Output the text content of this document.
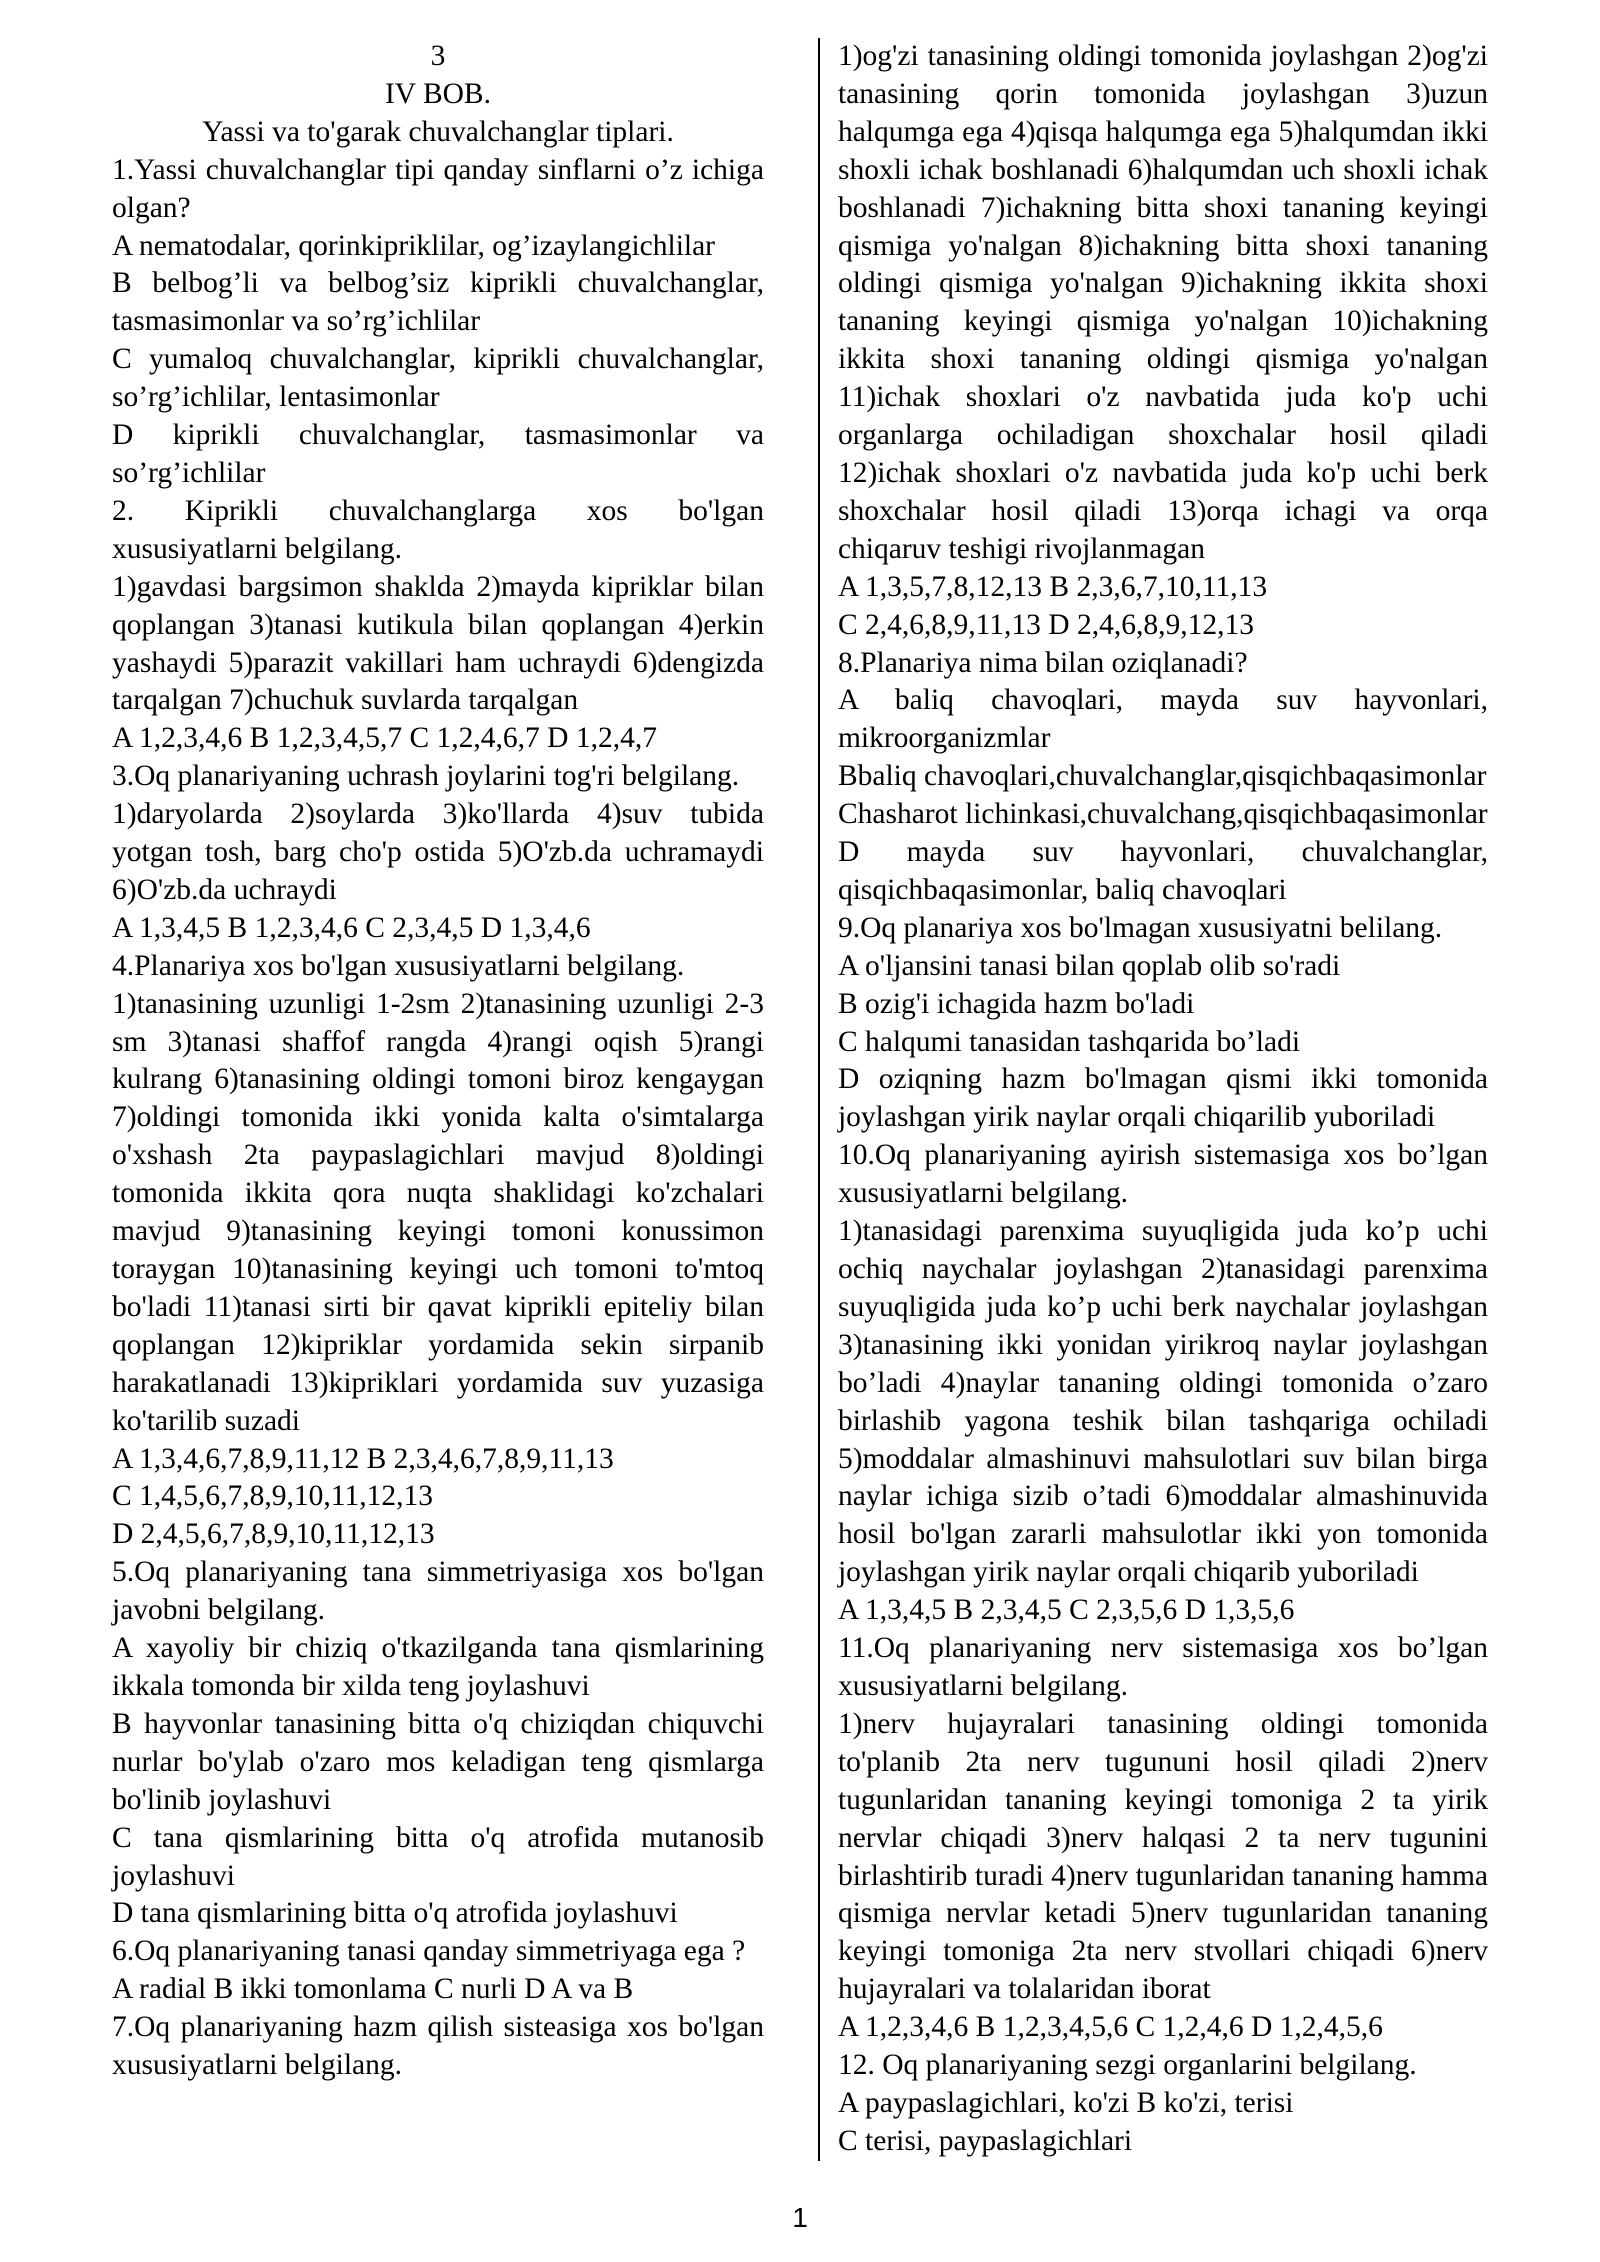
3
IV BOB.
Yassi va to'garak chuvalchanglar tiplari.

1.Yassi chuvalchanglar tipi qanday sinflarni o’z ichiga olgan?

A nematodalar, qorinkipriklilar, og’izaylangichlilar

B belbog’li va belbog’siz kiprikli chuvalchanglar, tasmasimonlar va so’rg’ichlilar

C yumaloq chuvalchanglar, kiprikli chuvalchanglar, so’rg’ichlilar, lentasimonlar

D kiprikli chuvalchanglar, tasmasimonlar va so’rg’ichlilar

2. Kiprikli chuvalchanglarga xos bo'lgan xususiyatlarni belgilang.

1)gavdasi bargsimon shaklda 2)mayda kipriklar bilan qoplangan 3)tanasi kutikula bilan qoplangan 4)erkin yashaydi 5)parazit vakillari ham uchraydi 6)dengizda tarqalgan 7)chuchuk suvlarda tarqalgan

A 1,2,3,4,6 B 1,2,3,4,5,7 C 1,2,4,6,7 D 1,2,4,7

3.Oq planariyaning uchrash joylarini tog'ri belgilang.

1)daryolarda 2)soylarda 3)ko'llarda 4)suv tubida yotgan tosh, barg cho'p ostida 5)O'zb.da uchramaydi 6)O'zb.da uchraydi

A 1,3,4,5 B 1,2,3,4,6 C 2,3,4,5 D 1,3,4,6

4.Planariya xos bo'lgan xususiyatlarni belgilang.

1)tanasining uzunligi 1-2sm 2)tanasining uzunligi 2-3 sm 3)tanasi shaffof rangda 4)rangi oqish 5)rangi kulrang 6)tanasining oldingi tomoni biroz kengaygan 7)oldingi tomonida ikki yonida kalta o'simtalarga o'xshash 2ta paypaslagichlari mavjud 8)oldingi tomonida ikkita qora nuqta shaklidagi ko'zchalari mavjud 9)tanasining keyingi tomoni konussimon toraygan 10)tanasining keyingi uch tomoni to'mtoq bo'ladi 11)tanasi sirti bir qavat kiprikli epiteliy bilan qoplangan 12)kipriklar yordamida sekin sirpanib harakatlanadi 13)kipriklari yordamida suv yuzasiga ko'tarilib suzadi

A 1,3,4,6,7,8,9,11,12 B 2,3,4,6,7,8,9,11,13

C 1,4,5,6,7,8,9,10,11,12,13

D 2,4,5,6,7,8,9,10,11,12,13

5.Oq planariyaning tana simmetriyasiga xos bo'lgan javobni belgilang.

A xayoliy bir chiziq o'tkazilganda tana qismlarining ikkala tomonda bir xilda teng joylashuvi

B hayvonlar tanasining bitta o'q chiziqdan chiquvchi nurlar bo'ylab o'zaro mos keladigan teng qismlarga bo'linib joylashuvi

C tana qismlarining bitta o'q atrofida mutanosib joylashuvi

D tana qismlarining bitta o'q atrofida joylashuvi

6.Oq planariyaning tanasi qanday simmetriyaga ega ?

A radial B ikki tomonlama C nurli D A va B

7.Oq planariyaning hazm qilish sisteasiga xos bo'lgan xususiyatlarni belgilang.

1)og'zi tanasining oldingi tomonida joylashgan 2)og'zi tanasining qorin tomonida joylashgan 3)uzun halqumga ega 4)qisqa halqumga ega 5)halqumdan ikki shoxli ichak boshlanadi 6)halqumdan uch shoxli ichak boshlanadi 7)ichakning bitta shoxi tananing keyingi qismiga yo'nalgan 8)ichakning bitta shoxi tananing oldingi qismiga yo'nalgan 9)ichakning ikkita shoxi tananing keyingi qismiga yo'nalgan 10)ichakning ikkita shoxi tananing oldingi qismiga yo'nalgan 11)ichak shoxlari o'z navbatida juda ko'p uchi organlarga ochiladigan shoxchalar hosil qiladi 12)ichak shoxlari o'z navbatida juda ko'p uchi berk shoxchalar hosil qiladi 13)orqa ichagi va orqa chiqaruv teshigi rivojlanmagan

A 1,3,5,7,8,12,13 B 2,3,6,7,10,11,13

C 2,4,6,8,9,11,13 D 2,4,6,8,9,12,13

8.Planariya nima bilan oziqlanadi?

A baliq chavoqlari, mayda suv hayvonlari, mikroorganizmlar

Bbaliq chavoqlari,chuvalchanglar,qisqichbaqasimonlar

Chasharot lichinkasi,chuvalchang,qisqichbaqasimonlar

D mayda suv hayvonlari, chuvalchanglar, qisqichbaqasimonlar, baliq chavoqlari

9.Oq planariya xos bo'lmagan xususiyatni belilang.

A o'ljansini tanasi bilan qoplab olib so'radi

B ozig'i ichagida hazm bo'ladi

C halqumi tanasidan tashqarida bo’ladi

D oziqning hazm bo'lmagan qismi ikki tomonida joylashgan yirik naylar orqali chiqarilib yuboriladi

10.Oq planariyaning ayirish sistemasiga xos bo’lgan xususiyatlarni belgilang.

1)tanasidagi parenxima suyuqligida juda ko’p uchi ochiq naychalar joylashgan 2)tanasidagi parenxima suyuqligida juda ko’p uchi berk naychalar joylashgan 3)tanasining ikki yonidan yirikroq naylar joylashgan bo’ladi 4)naylar tananing oldingi tomonida o’zaro birlashib yagona teshik bilan tashqariga ochiladi 5)moddalar almashinuvi mahsulotlari suv bilan birga naylar ichiga sizib o’tadi 6)moddalar almashinuvida hosil bo'lgan zararli mahsulotlar ikki yon tomonida joylashgan yirik naylar orqali chiqarib yuboriladi

A 1,3,4,5 B 2,3,4,5 C 2,3,5,6 D 1,3,5,6

11.Oq planariyaning nerv sistemasiga xos bo’lgan xususiyatlarni belgilang.

1)nerv hujayralari tanasining oldingi tomonida to'planib 2ta nerv tugununi hosil qiladi 2)nerv tugunlaridan tananing keyingi tomoniga 2 ta yirik nervlar chiqadi 3)nerv halqasi 2 ta nerv tugunini birlashtirib turadi 4)nerv tugunlaridan tananing hamma qismiga nervlar ketadi 5)nerv tugunlaridan tananing keyingi tomoniga 2ta nerv stvollari chiqadi 6)nerv hujayralari va tolalaridan iborat

A 1,2,3,4,6 B 1,2,3,4,5,6 C 1,2,4,6 D 1,2,4,5,6

12. Oq planariyaning sezgi organlarini belgilang.

A paypaslagichlari, ko'zi B ko'zi, terisi

C terisi, paypaslagichlari

1
